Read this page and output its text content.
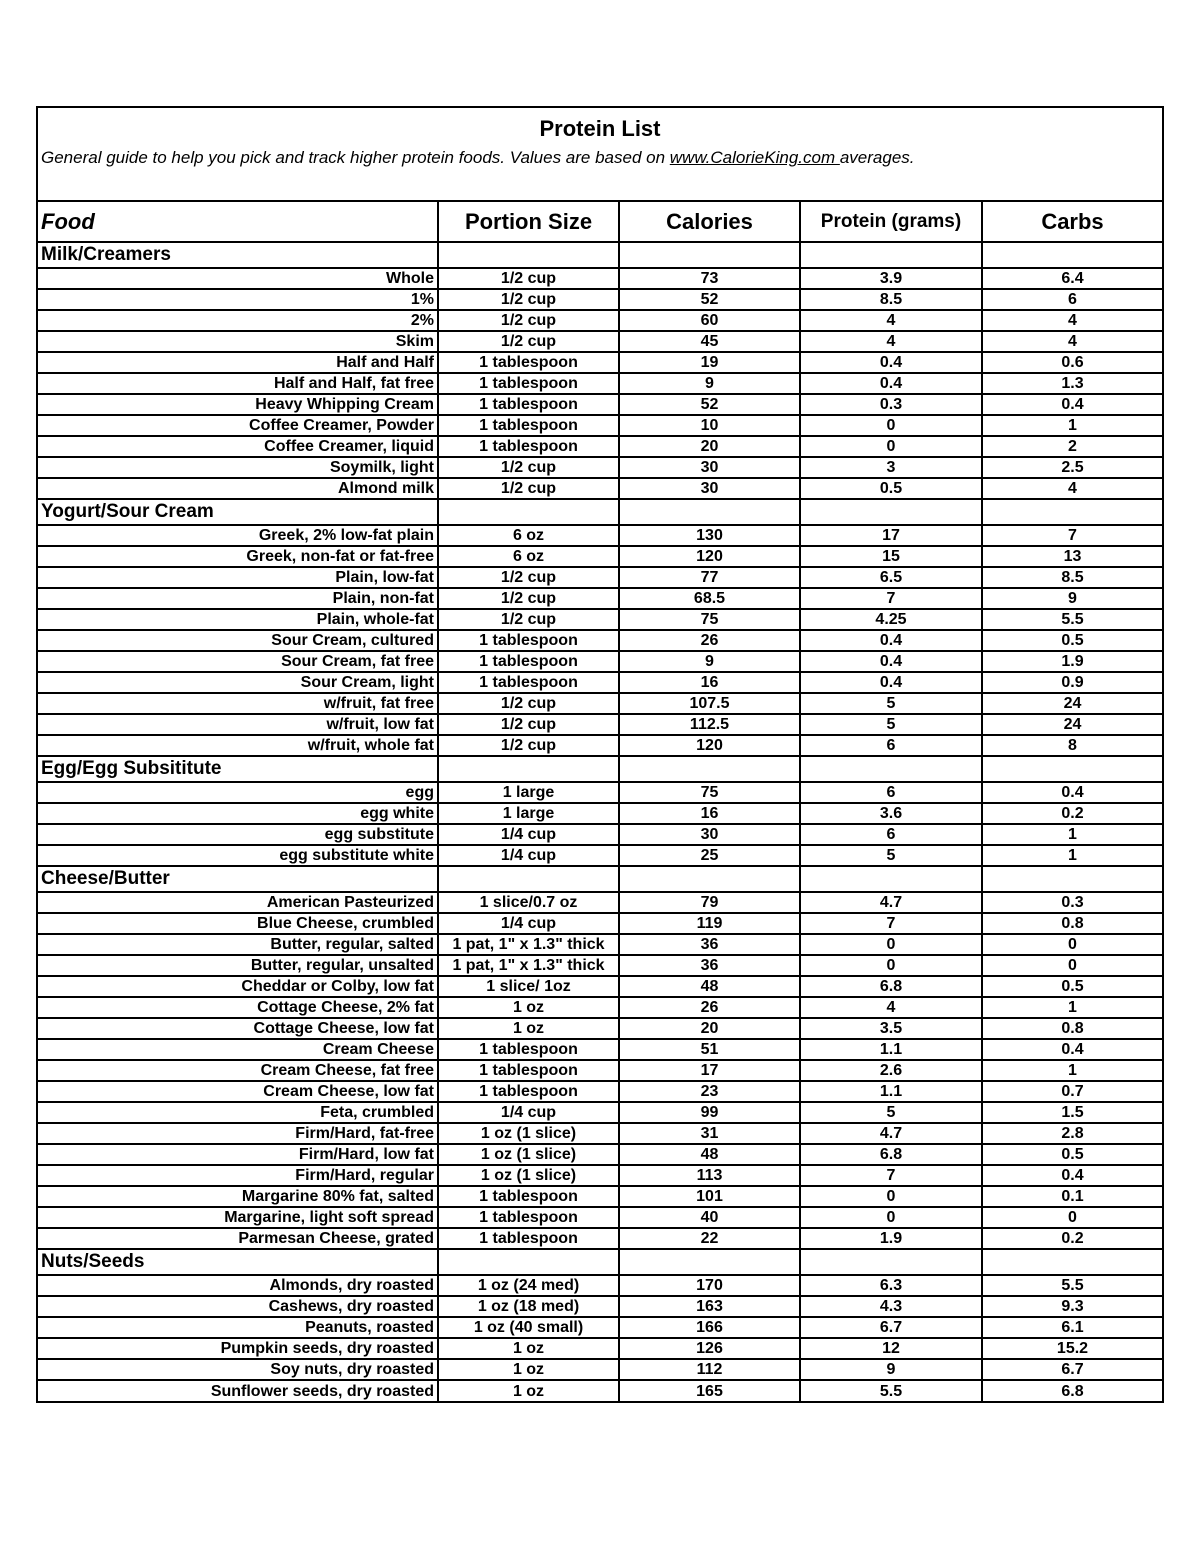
Protein List
General guide to help you pick and track higher protein foods. Values are based on www.CalorieKing.com averages.
Food	Portion Size	Calories	Protein (grams)	Carbs
Milk/Creamers				
Whole	1/2 cup	73	3.9	6.4
1%	1/2 cup	52	8.5	6
2%	1/2 cup	60	4	4
Skim	1/2 cup	45	4	4
Half and Half	1 tablespoon	19	0.4	0.6
Half and Half, fat free	1 tablespoon	9	0.4	1.3
Heavy Whipping Cream	1 tablespoon	52	0.3	0.4
Coffee Creamer, Powder	1 tablespoon	10	0	1
Coffee Creamer, liquid	1 tablespoon	20	0	2
Soymilk, light	1/2 cup	30	3	2.5
Almond milk	1/2 cup	30	0.5	4
Yogurt/Sour Cream				
Greek, 2% low-fat plain	6 oz	130	17	7
Greek, non-fat or fat-free	6 oz	120	15	13
Plain, low-fat	1/2 cup	77	6.5	8.5
Plain, non-fat	1/2 cup	68.5	7	9
Plain, whole-fat	1/2 cup	75	4.25	5.5
Sour Cream, cultured	1 tablespoon	26	0.4	0.5
Sour Cream, fat free	1 tablespoon	9	0.4	1.9
Sour Cream, light	1 tablespoon	16	0.4	0.9
w/fruit, fat free	1/2 cup	107.5	5	24
w/fruit, low fat	1/2 cup	112.5	5	24
w/fruit, whole fat	1/2 cup	120	6	8
Egg/Egg Subsititute				
egg	1 large	75	6	0.4
egg white	1 large	16	3.6	0.2
egg substitute	1/4 cup	30	6	1
egg substitute white	1/4 cup	25	5	1
Cheese/Butter				
American Pasteurized	1 slice/0.7 oz	79	4.7	0.3
Blue Cheese, crumbled	1/4 cup	119	7	0.8
Butter, regular, salted	1 pat, 1" x 1.3" thick	36	0	0
Butter, regular, unsalted	1 pat, 1" x 1.3" thick	36	0	0
Cheddar or Colby, low fat	1 slice/ 1oz	48	6.8	0.5
Cottage Cheese, 2% fat	1 oz	26	4	1
Cottage Cheese, low fat	1 oz	20	3.5	0.8
Cream Cheese	1 tablespoon	51	1.1	0.4
Cream Cheese, fat free	1 tablespoon	17	2.6	1
Cream Cheese, low fat	1 tablespoon	23	1.1	0.7
Feta, crumbled	1/4 cup	99	5	1.5
Firm/Hard, fat-free	1 oz (1 slice)	31	4.7	2.8
Firm/Hard, low fat	1 oz (1 slice)	48	6.8	0.5
Firm/Hard, regular	1 oz (1 slice)	113	7	0.4
Margarine 80% fat, salted	1 tablespoon	101	0	0.1
Margarine, light soft spread	1 tablespoon	40	0	0
Parmesan Cheese, grated	1 tablespoon	22	1.9	0.2
Nuts/Seeds				
Almonds, dry roasted	1 oz (24 med)	170	6.3	5.5
Cashews, dry roasted	1 oz (18 med)	163	4.3	9.3
Peanuts, roasted	1 oz (40 small)	166	6.7	6.1
Pumpkin seeds, dry roasted	1 oz	126	12	15.2
Soy nuts, dry roasted	1 oz	112	9	6.7
Sunflower seeds, dry roasted	1 oz	165	5.5	6.8
